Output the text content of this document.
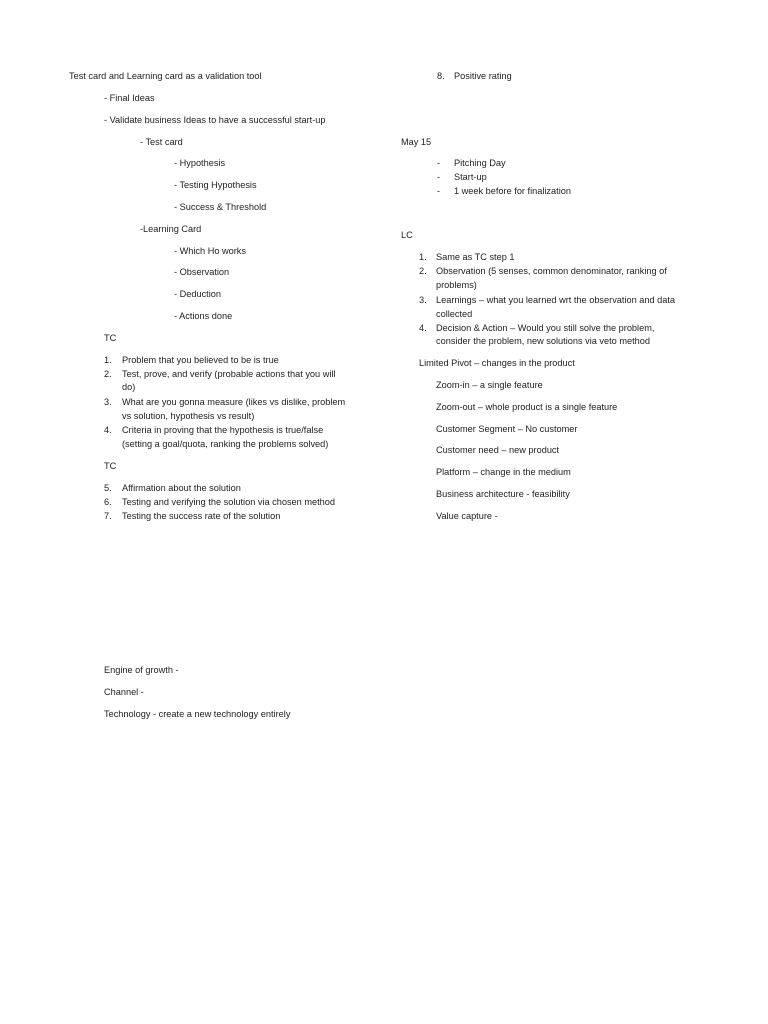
Test card and Learning card as a validation tool
- Final Ideas
- Validate business Ideas to have a successful start-up
- Test card
- Hypothesis
- Testing Hypothesis
- Success & Threshold
-Learning Card
- Which Ho works
- Observation
- Deduction
- Actions done
TC
1. Problem that you believed to be is true
2. Test, prove, and verify (probable actions that you will
do)
3. What are you gonna measure (likes vs dislike, problem
vs solution, hypothesis vs result)
4. Criteria in proving that the hypothesis is true/false
(setting a goal/quota, ranking the problems solved)
TC
5. Affirmation about the solution
6. Testing and verifying the solution via chosen method
7. Testing the success rate of the solution
Engine of growth -
Channel -
Technology - create a new technology entirely
8. Positive rating
May 15
- Pitching Day
- Start-up
- 1 week before for finalization
LC
1. Same as TC step 1
2. Observation (5 senses, common denominator, ranking of
problems)
3. Learnings – what you learned wrt the observation and data
collected
4. Decision & Action – Would you still solve the problem,
consider the problem, new solutions via veto method
Limited Pivot – changes in the product
Zoom-in – a single feature
Zoom-out – whole product is a single feature
Customer Segment – No customer
Customer need – new product
Platform – change in the medium
Business architecture - feasibility
Value capture -
